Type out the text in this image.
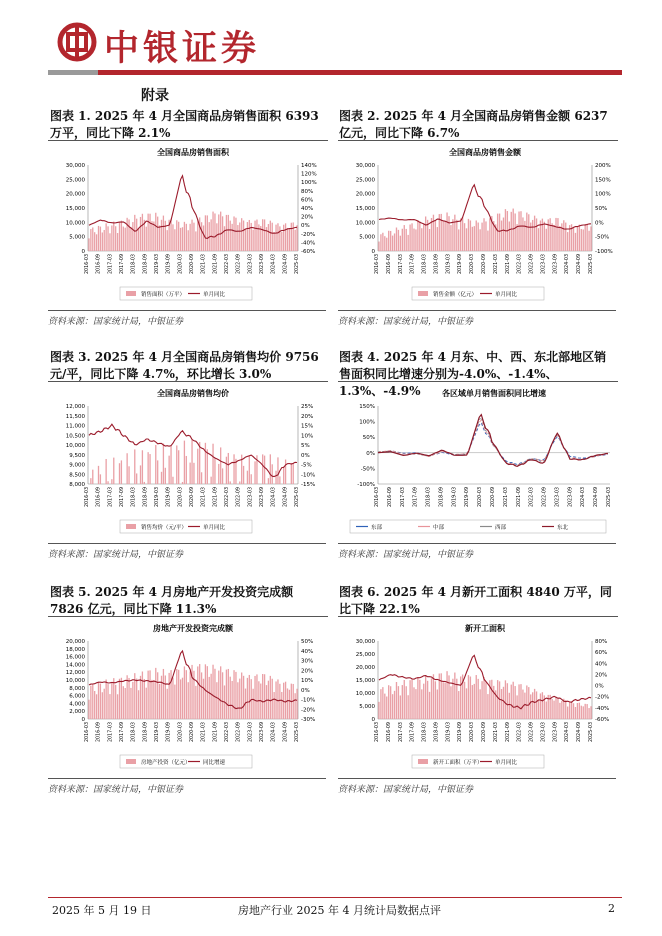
中银证券
附录
图表 1. 2025 年 4 月全国商品房销售面积 6393 万平，同比下降 2.1%
图表 2. 2025 年 4 月全国商品房销售金额 6237 亿元，同比下降 6.7%
图表 3. 2025 年 4 月全国商品房销售均价 9756 元/平，同比下降 4.7%，环比增长 3.0%
图表 4. 2025 年 4 月东、中、西、东北部地区销售面积同比增速分别为-4.0%、-1.4%、1.3%、-4.9%
图表 5. 2025 年 4 月房地产开发投资完成额 7826 亿元，同比下降 11.3%
图表 6. 2025 年 4 月新开工面积 4840 万平，同比下降 22.1%
全国商品房销售面积
0
5,000
10,000
15,000
20,000
25,000
30,000
-60%
-40%
-20%
0%
20%
40%
60%
80%
100%
120%
140%
2016-03 2016-09 2017-03 2017-09 2018-03 2018-09 2019-03 2019-09 2020-03 2020-09 2021-03 2021-09 2022-03 2022-09 2023-03 2023-09 2024-03 2024-09 2025-03
销售面积（万平）	单月同比
全国商品房销售金额
0
5,000
10,000
15,000
20,000
25,000
30,000
-100%
-50%
0%
50%
100%
150%
200%
2016-03 2016-09 2017-03 2017-09 2018-03 2018-09 2019-03 2019-09 2020-03 2020-09 2021-03 2021-09 2022-03 2022-09 2023-03 2023-09 2024-03 2024-09 2025-03
销售金额（亿元）	单月同比
全国商品房销售均价
8,000
8,500
9,000
9,500
10,000
10,500
11,000
11,500
12,000
-15%
-10%
-5%
0%
5%
10%
15%
20%
25%
2016-03 2016-09 2017-03 2017-09 2018-03 2018-09 2019-03 2019-09 2020-03 2020-09 2021-03 2021-09 2022-03 2022-09 2023-03 2023-09 2024-03 2024-09 2025-03
销售均价（元/平）	单月同比
各区域单月销售面积同比增速
-100%
-50%
0%
50%
100%
150%
2016-03 2016-09 2017-03 2017-09 2018-03 2018-09 2019-03 2019-09 2020-03 2020-09 2021-03 2021-09 2022-03 2022-09 2023-03 2023-09 2024-03 2024-09 2025-03
东部	中部	西部	东北
房地产开发投资完成额
0
2,000
4,000
6,000
8,000
10,000
12,000
14,000
16,000
18,000
20,000
-30%
-20%
-10%
0%
10%
20%
30%
40%
50%
2016-03 2016-09 2017-03 2017-09 2018-03 2018-09 2019-03 2019-09 2020-03 2020-09 2021-03 2021-09 2022-03 2022-09 2023-03 2023-09 2024-03 2024-09 2025-03
房地产投资（亿元） 同比增速
新开工面积
0
5,000
10,000
15,000
20,000
25,000
30,000
-60%
-40%
-20%
0%
20%
40%
60%
80%
2016-03 2016-09 2017-03 2017-09 2018-03 2018-09 2019-03 2019-09 2020-03 2020-09 2021-03 2021-09 2022-03 2022-09 2023-03 2023-09 2024-03 2024-09 2025-03
新开工面积（万平） 单月同比
资料来源：国家统计局，中银证券	资料来源：国家统计局，中银证券
资料来源：国家统计局，中银证券	资料来源：国家统计局，中银证券
资料来源：国家统计局，中银证券	资料来源：国家统计局，中银证券
2025 年 5 月 19 日	房地产行业 2025 年 4 月统计局数据点评	2
